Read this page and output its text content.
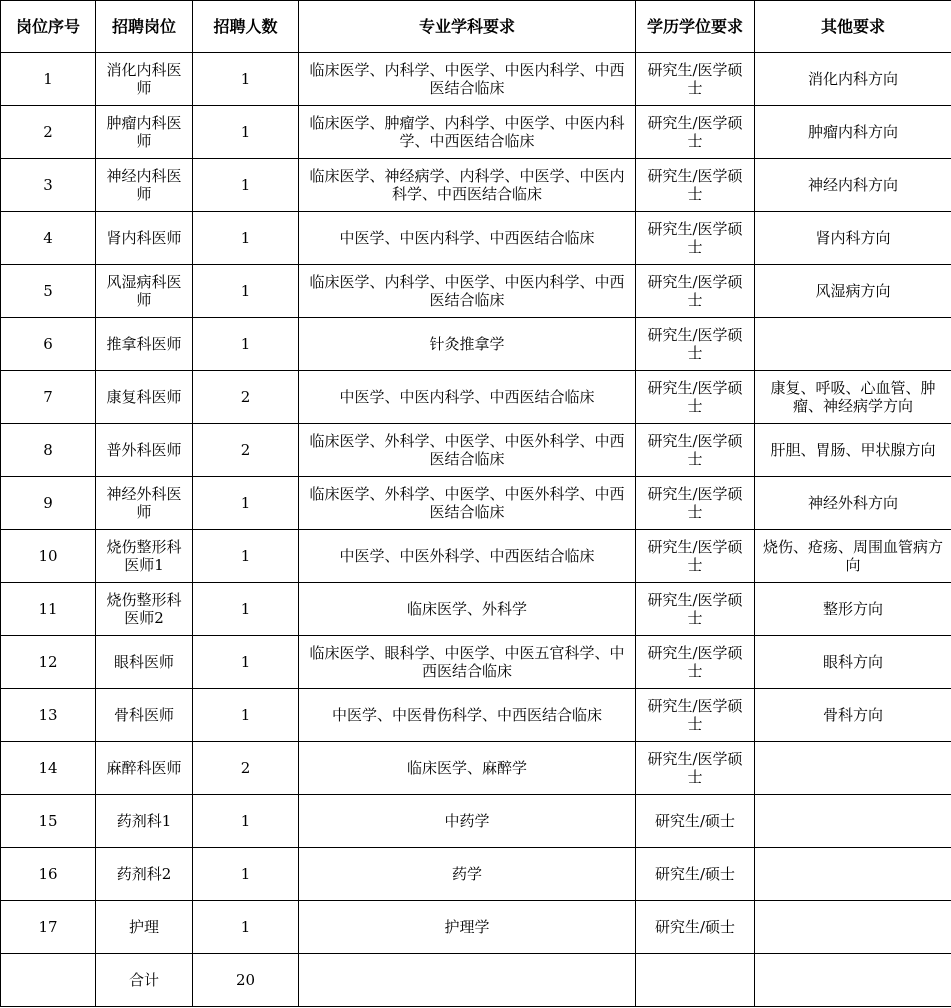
岗位序号	招聘岗位	招聘人数	专业学科要求	学历学位要求	其他要求
1	消化内科医师	1	临床医学、内科学、中医学、中医内科学、中西医结合临床	研究生/医学硕士	消化内科方向
2	肿瘤内科医师	1	临床医学、肿瘤学、内科学、中医学、中医内科学、中西医结合临床	研究生/医学硕士	肿瘤内科方向
3	神经内科医师	1	临床医学、神经病学、内科学、中医学、中医内科学、中西医结合临床	研究生/医学硕士	神经内科方向
4	肾内科医师	1	中医学、中医内科学、中西医结合临床	研究生/医学硕士	肾内科方向
5	风湿病科医师	1	临床医学、内科学、中医学、中医内科学、中西医结合临床	研究生/医学硕士	风湿病方向
6	推拿科医师	1	针灸推拿学	研究生/医学硕士	
7	康复科医师	2	中医学、中医内科学、中西医结合临床	研究生/医学硕士	康复、呼吸、心血管、肿瘤、神经病学方向
8	普外科医师	2	临床医学、外科学、中医学、中医外科学、中西医结合临床	研究生/医学硕士	肝胆、胃肠、甲状腺方向
9	神经外科医师	1	临床医学、外科学、中医学、中医外科学、中西医结合临床	研究生/医学硕士	神经外科方向
10	烧伤整形科医师1	1	中医学、中医外科学、中西医结合临床	研究生/医学硕士	烧伤、疮疡、周围血管病方向
11	烧伤整形科医师2	1	临床医学、外科学	研究生/医学硕士	整形方向
12	眼科医师	1	临床医学、眼科学、中医学、中医五官科学、中西医结合临床	研究生/医学硕士	眼科方向
13	骨科医师	1	中医学、中医骨伤科学、中西医结合临床	研究生/医学硕士	骨科方向
14	麻醉科医师	2	临床医学、麻醉学	研究生/医学硕士	
15	药剂科1	1	中药学	研究生/硕士	
16	药剂科2	1	药学	研究生/硕士	
17	护理	1	护理学	研究生/硕士	
	合计	20			
